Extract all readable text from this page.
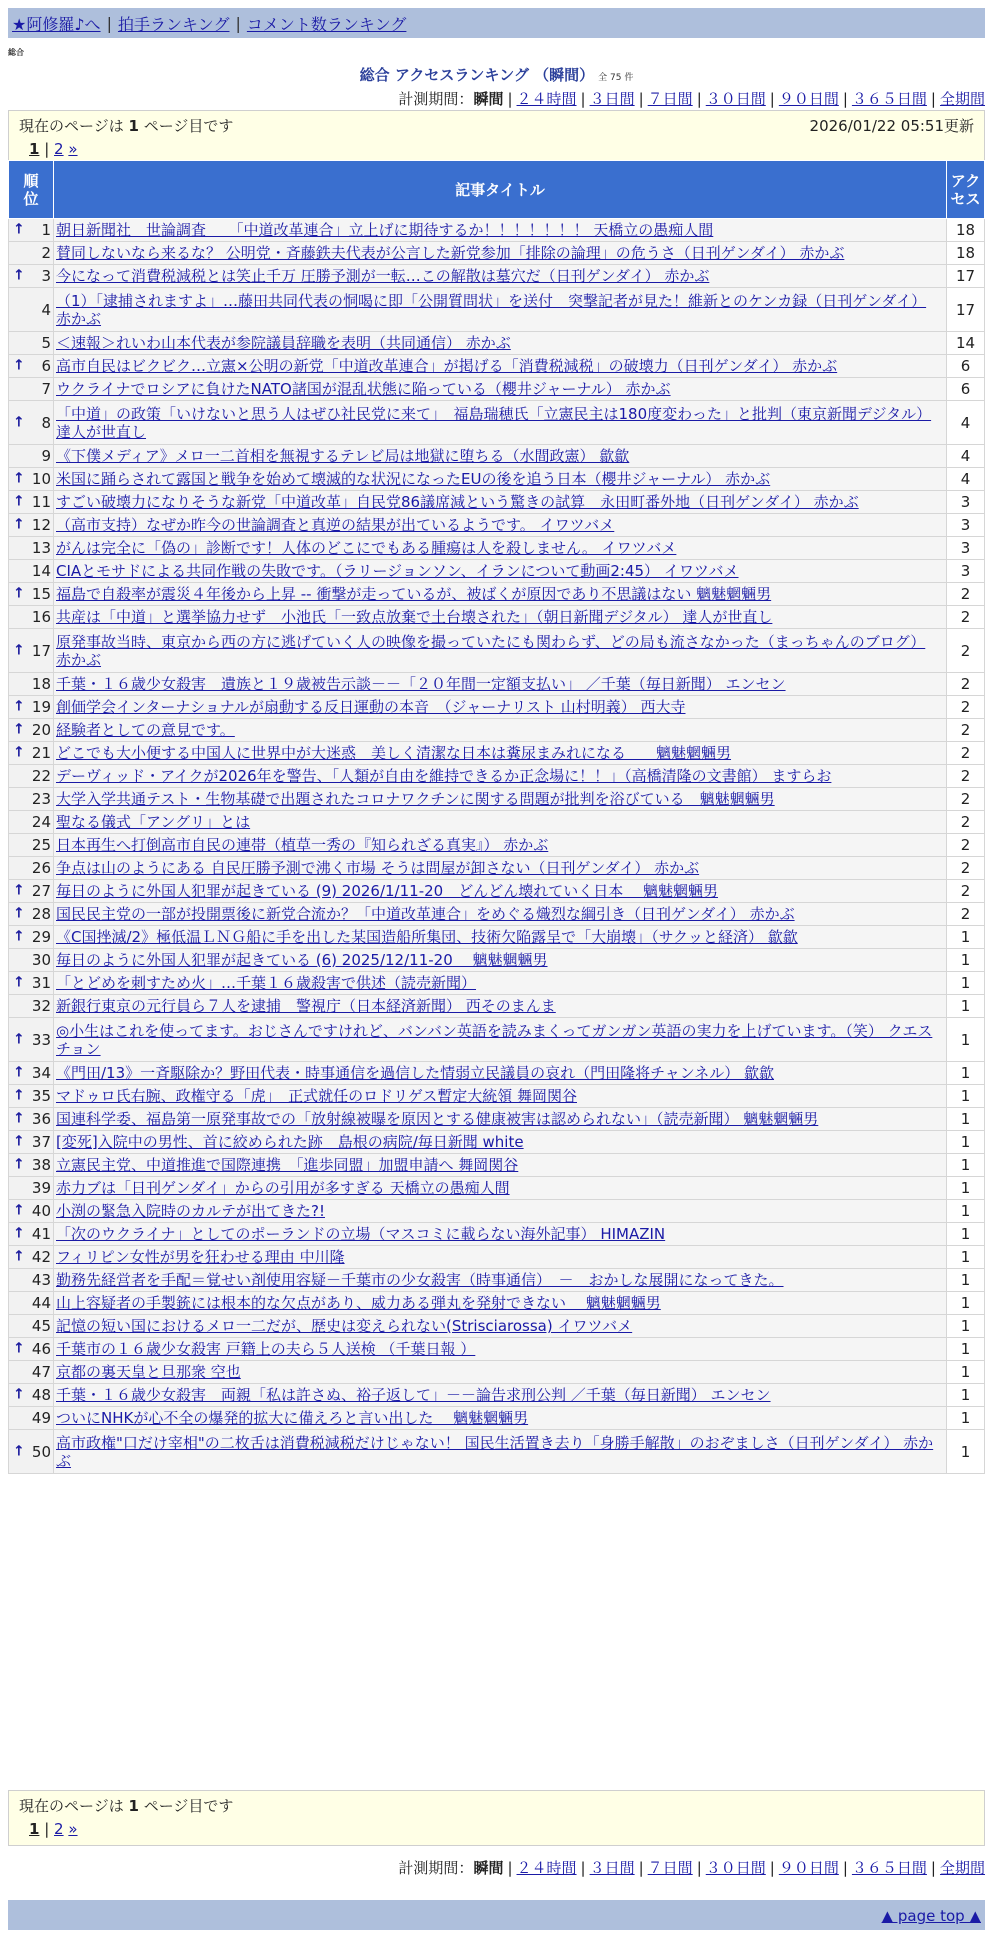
★阿修羅♪へ | 拍手ランキング | コメント数ランキング
総合
総合 アクセスランキング （瞬間） 全 75 件
計測期間：瞬間 | ２４時間 | ３日間 | ７日間 | ３０日間 | ９０日間 | ３６５日間 | 全期間
現在のページは 1 ページ目です	2026/01/22 05:51更新
1 | 2 »
順位	記事タイトル	アクセス

↑ 1	朝日新聞社　世論調査　　「中道改革連合」立上げに期待するか！！！！！！！ 天橋立の愚痴人間	18
2	賛同しないなら来るな？ 公明党・斉藤鉄夫代表が公言した新党参加「排除の論理」の危うさ（日刊ゲンダイ） 赤かぶ	18

↑ 3	今になって消費税減税とは笑止千万 圧勝予測が一転…この解散は墓穴だ（日刊ゲンダイ） 赤かぶ	17
4	（1）「逮捕されますよ」…藤田共同代表の恫喝に即「公開質問状」を送付　突撃記者が見た！維新とのケンカ録（日刊ゲンダイ） 赤かぶ	17
5	＜速報＞れいわ山本代表が参院議員辞職を表明（共同通信） 赤かぶ	14

↑ 6	高市自民はビクビク…立憲×公明の新党「中道改革連合」が掲げる「消費税減税」の破壊力（日刊ゲンダイ） 赤かぶ	6
7	ウクライナでロシアに負けたNATO諸国が混乱状態に陥っている（櫻井ジャーナル） 赤かぶ	6

↑ 8	「中道」の政策「いけないと思う人はぜひ社民党に来て」　福島瑞穂氏「立憲民主は180度変わった」と批判（東京新聞デジタル） 達人が世直し	4
9	《下僕メディア》メロ一二首相を無視するテレビ局は地獄に堕ちる（水間政憲） 歙歙	4

↑ 10	米国に踊らされて露国と戦争を始めて壊滅的な状況になったEUの後を追う日本（櫻井ジャーナル） 赤かぶ	4

↑ 11	すごい破壊力になりそうな新党「中道改革」自民党86議席減という驚きの試算　永田町番外地（日刊ゲンダイ） 赤かぶ	3

↑ 12	（高市支持）なぜか昨今の世論調査と真逆の結果が出ているようです。 イワツバメ	3
13	がんは完全に「偽の」診断です！人体のどこにでもある腫瘍は人を殺しません。 イワツバメ	3
14	CIAとモサドによる共同作戦の失敗です。（ラリージョンソン、イランについて動画2:45） イワツバメ	3

↑ 15	福島で自殺率が震災４年後から上昇 -- 衝撃が走っているが、被ばくが原因であり不思議はない 魑魅魍魎男	2
16	共産は「中道」と選挙協力せず　小池氏「一致点放棄で土台壊された」（朝日新聞デジタル） 達人が世直し	2

↑ 17	原発事故当時、東京から西の方に逃げていく人の映像を撮っていたにも関わらず、どの局も流さなかった（まっちゃんのブログ） 赤かぶ	2
18	千葉・１６歳少女殺害　遺族と１９歳被告示談－－「２０年間一定額支払い」 ／千葉（毎日新聞） エンセン	2

↑ 19	創価学会インターナショナルが扇動する反日運動の本音　（ジャーナリスト 山村明義） 西大寺	2

↑ 20	経験者としての意見です。	2

↑ 21	どこでも大小便する中国人に世界中が大迷惑　美しく清潔な日本は糞尿まみれになる　　魑魅魍魎男	2
22	デーヴィッド・アイクが2026年を警告、「人類が自由を維持できるか正念場に！！」（高橋清隆の文書館） ますらお	2
23	大学入学共通テスト・生物基礎で出題されたコロナワクチンに関する問題が批判を浴びている　魑魅魍魎男	2
24	聖なる儀式「アングリ」とは	2
25	日本再生へ打倒高市自民の連帯（植草一秀の『知られざる真実』） 赤かぶ	2
26	争点は山のようにある 自民圧勝予測で沸く市場 そうは問屋が卸さない（日刊ゲンダイ） 赤かぶ	2

↑ 27	毎日のように外国人犯罪が起きている (9) 2026/1/11-20　どんどん壊れていく日本　 魑魅魍魎男	2

↑ 28	国民民主党の一部が投開票後に新党合流か？「中道改革連合」をめぐる熾烈な綱引き（日刊ゲンダイ） 赤かぶ	2

↑ 29	《C国挫滅/2》極低温ＬＮＧ船に手を出した某国造船所集団、技術欠陥露呈で「大崩壊」（サクッと経済） 歙歙	1
30	毎日のように外国人犯罪が起きている (6) 2025/12/11-20　 魑魅魍魎男	1

↑ 31	「とどめを刺すため火」…千葉１６歳殺害で供述（読売新聞）	1
32	新銀行東京の元行員ら７人を逮捕　警視庁（日本経済新聞） 西そのまんま	1

↑ 33	◎小生はこれを使ってます。おじさんですけれど、バンバン英語を読みまくってガンガン英語の実力を上げています。（笑） クエスチョン	1

↑ 34	《門田/13》一斉駆除か？野田代表・時事通信を過信した情弱立民議員の哀れ（門田隆将チャンネル） 歙歙	1

↑ 35	マドゥロ氏右腕、政権守る「虎」　正式就任のロドリゲス暫定大統領 舞岡関谷	1

↑ 36	国連科学委、福島第一原発事故での「放射線被曝を原因とする健康被害は認められない」（読売新聞） 魑魅魍魎男	1

↑ 37	[変死]入院中の男性、首に絞められた跡　島根の病院/毎日新聞 white	1

↑ 38	立憲民主党、中道推進で国際連携　「進歩同盟」加盟申請へ 舞岡関谷	1
39	赤力ブは「日刊ゲンダイ」からの引用が多すぎる 天橋立の愚痴人間	1

↑ 40	小渕の緊急入院時のカルテが出てきた?!	1

↑ 41	「次のウクライナ」としてのポーランドの立場（マスコミに載らない海外記事） HIMAZIN	1

↑ 42	フィリピン女性が男を狂わせる理由 中川隆	1
43	勤務先経営者を手配＝覚せい剤使用容疑－千葉市の少女殺害（時事通信）　－　おかしな展開になってきた。	1
44	山上容疑者の手製銃には根本的な欠点があり、威力ある弾丸を発射できない　 魑魅魍魎男	1
45	記憶の短い国におけるメロ一二だが、歴史は変えられない(Strisciarossa) イワツバメ	1

↑ 46	千葉市の１６歳少女殺害 戸籍上の夫ら５人送検 （千葉日報 ）	1
47	京都の裏天皇と旦那衆 空也	1

↑ 48	千葉・１６歳少女殺害　両親「私は許さぬ、裕子返して」－－論告求刑公判 ／千葉（毎日新聞） エンセン	1
49	ついにNHKが心不全の爆発的拡大に備えろと言い出した　 魑魅魍魎男	1

↑ 50	高市政権"口だけ宰相"の二枚舌は消費税減税だけじゃない！ 国民生活置き去り「身勝手解散」のおぞましさ（日刊ゲンダイ） 赤かぶ	1
現在のページは 1 ページ目です
1 | 2 »
計測期間：瞬間 | ２４時間 | ３日間 | ７日間 | ３０日間 | ９０日間 | ３６５日間 | 全期間
▲ page top ▲
